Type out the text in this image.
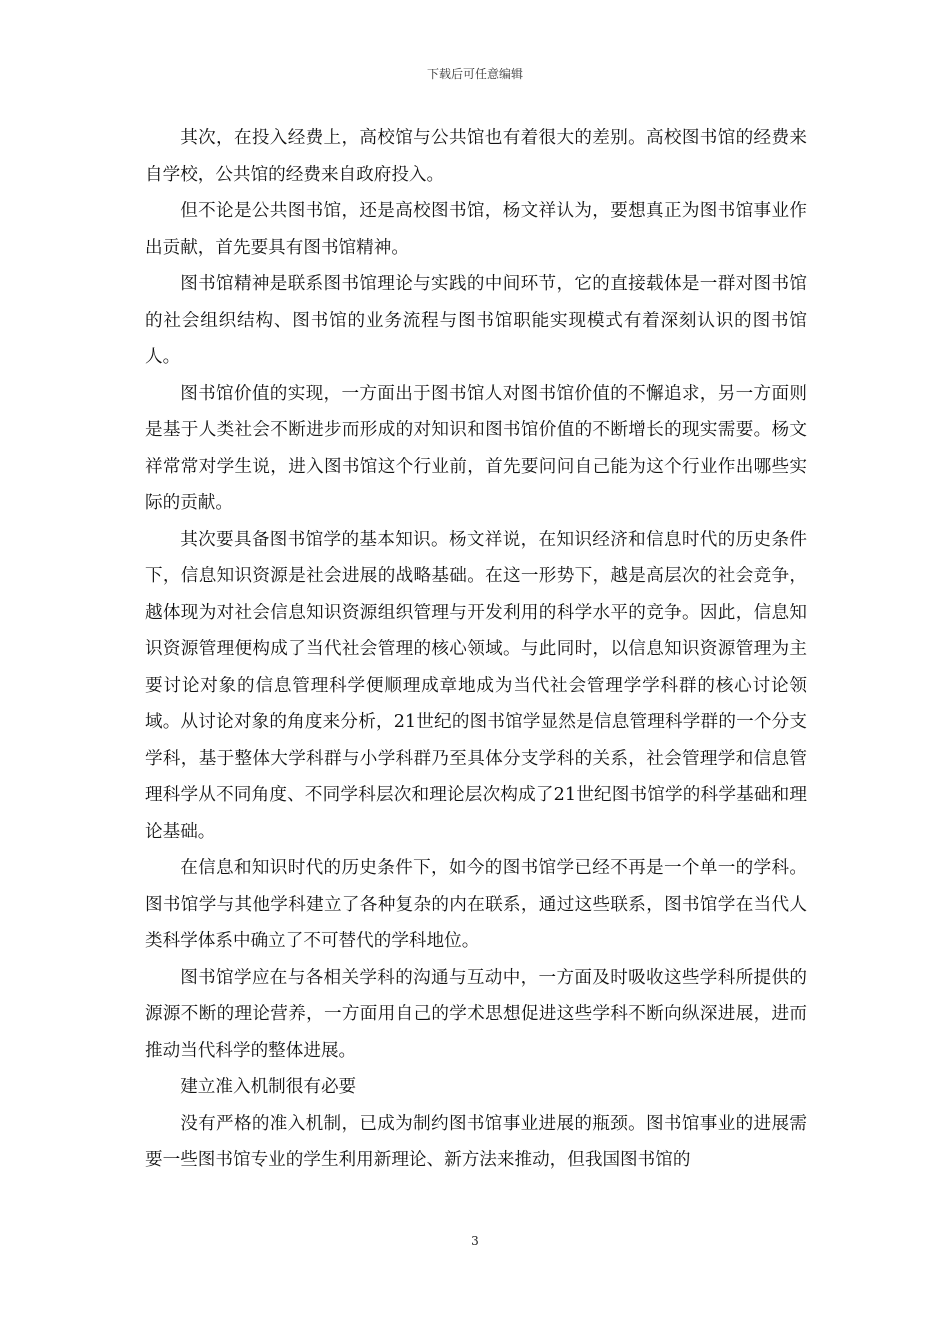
下载后可任意编辑

其次，在投入经费上，高校馆与公共馆也有着很大的差别。高校图书馆的经费来自学校，公共馆的经费来自政府投入。

但不论是公共图书馆，还是高校图书馆，杨文祥认为，要想真正为图书馆事业作出贡献，首先要具有图书馆精神。

图书馆精神是联系图书馆理论与实践的中间环节，它的直接载体是一群对图书馆的社会组织结构、图书馆的业务流程与图书馆职能实现模式有着深刻认识的图书馆人。

图书馆价值的实现，一方面出于图书馆人对图书馆价值的不懈追求，另一方面则是基于人类社会不断进步而形成的对知识和图书馆价值的不断增长的现实需要。杨文祥常常对学生说，进入图书馆这个行业前，首先要问问自己能为这个行业作出哪些实际的贡献。

其次要具备图书馆学的基本知识。杨文祥说，在知识经济和信息时代的历史条件下，信息知识资源是社会进展的战略基础。在这一形势下，越是高层次的社会竞争，越体现为对社会信息知识资源组织管理与开发利用的科学水平的竞争。因此，信息知识资源管理便构成了当代社会管理的核心领域。与此同时，以信息知识资源管理为主要讨论对象的信息管理科学便顺理成章地成为当代社会管理学学科群的核心讨论领域。从讨论对象的角度来分析，21世纪的图书馆学显然是信息管理科学群的一个分支学科，基于整体大学科群与小学科群乃至具体分支学科的关系，社会管理学和信息管理科学从不同角度、不同学科层次和理论层次构成了21世纪图书馆学的科学基础和理论基础。

在信息和知识时代的历史条件下，如今的图书馆学已经不再是一个单一的学科。图书馆学与其他学科建立了各种复杂的内在联系，通过这些联系，图书馆学在当代人类科学体系中确立了不可替代的学科地位。

图书馆学应在与各相关学科的沟通与互动中，一方面及时吸收这些学科所提供的源源不断的理论营养，一方面用自己的学术思想促进这些学科不断向纵深进展，进而推动当代科学的整体进展。

建立准入机制很有必要

没有严格的准入机制，已成为制约图书馆事业进展的瓶颈。图书馆事业的进展需要一些图书馆专业的学生利用新理论、新方法来推动，但我国图书馆的

3
